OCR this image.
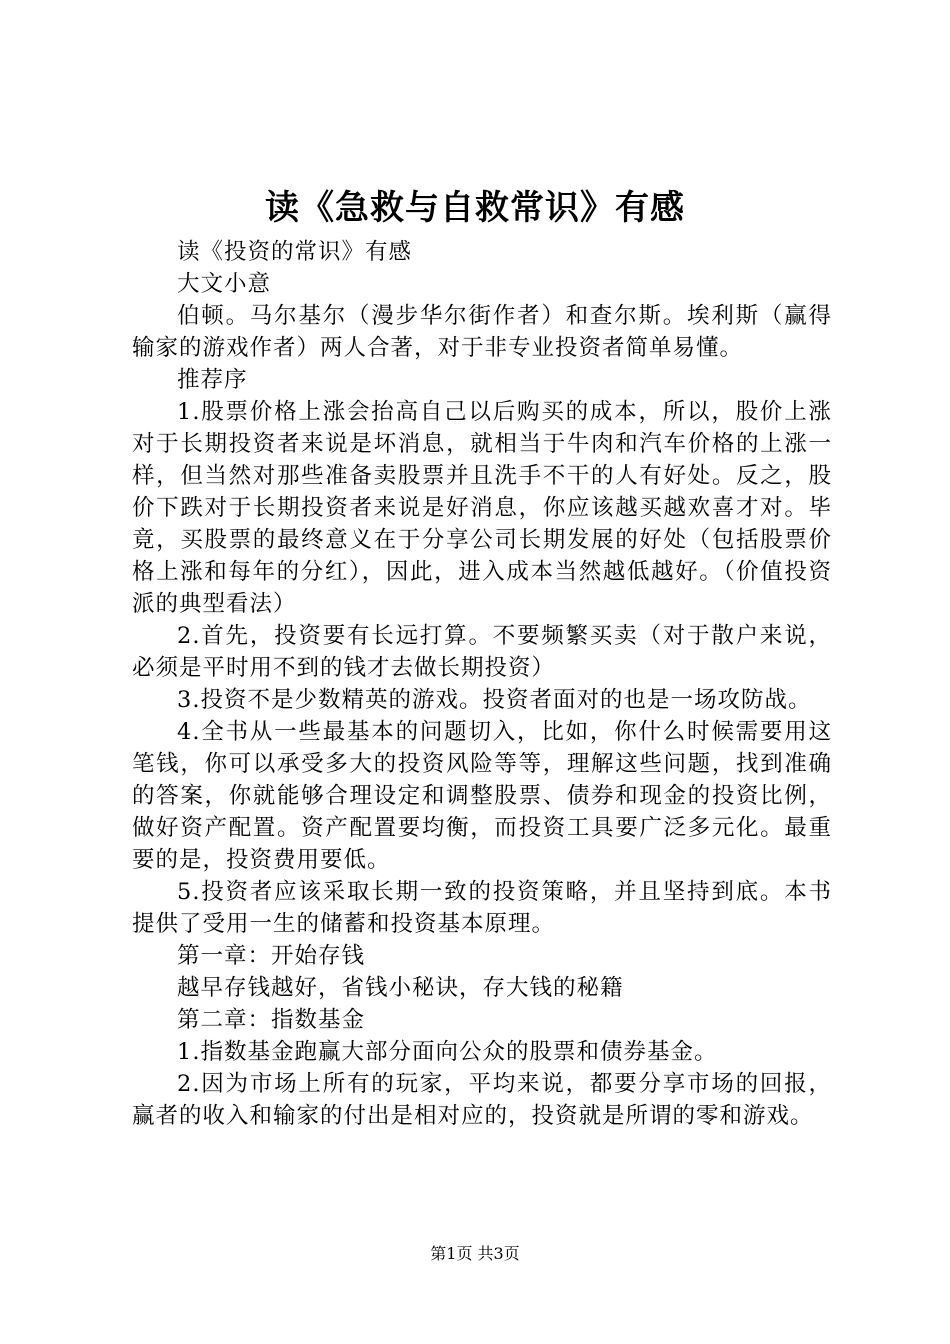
读《急救与自救常识》有感

读《投资的常识》有感

大文小意

伯顿。马尔基尔（漫步华尔街作者）和查尔斯。埃利斯（赢得输家的游戏作者）两人合著，对于非专业投资者简单易懂。

推荐序

1.股票价格上涨会抬高自己以后购买的成本，所以，股价上涨对于长期投资者来说是坏消息，就相当于牛肉和汽车价格的上涨一样，但当然对那些准备卖股票并且洗手不干的人有好处。反之，股价下跌对于长期投资者来说是好消息，你应该越买越欢喜才对。毕竟，买股票的最终意义在于分享公司长期发展的好处（包括股票价格上涨和每年的分红），因此，进入成本当然越低越好。（价值投资派的典型看法）

2.首先，投资要有长远打算。不要频繁买卖（对于散户来说，必须是平时用不到的钱才去做长期投资）

3.投资不是少数精英的游戏。投资者面对的也是一场攻防战。

4.全书从一些最基本的问题切入，比如，你什么时候需要用这笔钱，你可以承受多大的投资风险等等，理解这些问题，找到准确的答案，你就能够合理设定和调整股票、债券和现金的投资比例，做好资产配置。资产配置要均衡，而投资工具要广泛多元化。最重要的是，投资费用要低。

5.投资者应该采取长期一致的投资策略，并且坚持到底。本书提供了受用一生的储蓄和投资基本原理。

第一章：开始存钱

越早存钱越好，省钱小秘诀，存大钱的秘籍

第二章：指数基金

1.指数基金跑赢大部分面向公众的股票和债券基金。

2.因为市场上所有的玩家，平均来说，都要分享市场的回报，赢者的收入和输家的付出是相对应的，投资就是所谓的零和游戏。

第1页 共3页
